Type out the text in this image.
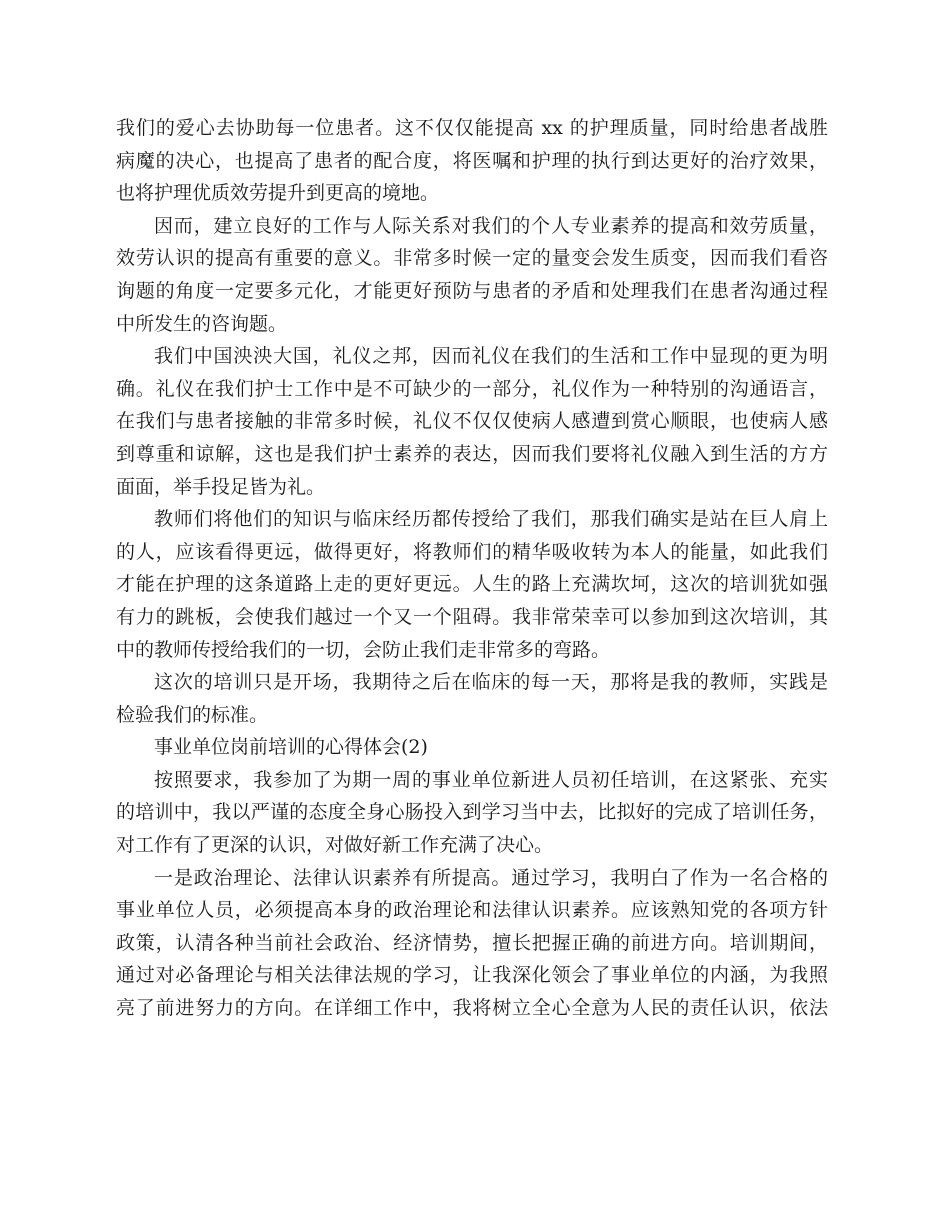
我们的爱心去协助每一位患者。这不仅仅能提高 xx 的护理质量，同时给患者战胜
病魔的决心，也提高了患者的配合度，将医嘱和护理的执行到达更好的治疗效果，
也将护理优质效劳提升到更高的境地。
因而，建立良好的工作与人际关系对我们的个人专业素养的提高和效劳质量，
效劳认识的提高有重要的意义。非常多时候一定的量变会发生质变，因而我们看咨
询题的角度一定要多元化，才能更好预防与患者的矛盾和处理我们在患者沟通过程
中所发生的咨询题。
我们中国泱泱大国，礼仪之邦，因而礼仪在我们的生活和工作中显现的更为明
确。礼仪在我们护士工作中是不可缺少的一部分，礼仪作为一种特别的沟通语言，
在我们与患者接触的非常多时候，礼仪不仅仅使病人感遭到赏心顺眼，也使病人感
到尊重和谅解，这也是我们护士素养的表达，因而我们要将礼仪融入到生活的方方
面面，举手投足皆为礼。
教师们将他们的知识与临床经历都传授给了我们，那我们确实是站在巨人肩上
的人，应该看得更远，做得更好，将教师们的精华吸收转为本人的能量，如此我们
才能在护理的这条道路上走的更好更远。人生的路上充满坎坷，这次的培训犹如强
有力的跳板，会使我们越过一个又一个阻碍。我非常荣幸可以参加到这次培训，其
中的教师传授给我们的一切，会防止我们走非常多的弯路。
这次的培训只是开场，我期待之后在临床的每一天，那将是我的教师，实践是
检验我们的标准。
事业单位岗前培训的心得体会(2)
按照要求，我参加了为期一周的事业单位新进人员初任培训，在这紧张、充实
的培训中，我以严谨的态度全身心肠投入到学习当中去，比拟好的完成了培训任务，
对工作有了更深的认识，对做好新工作充满了决心。
一是政治理论、法律认识素养有所提高。通过学习，我明白了作为一名合格的
事业单位人员，必须提高本身的政治理论和法律认识素养。应该熟知党的各项方针
政策，认清各种当前社会政治、经济情势，擅长把握正确的前进方向。培训期间，
通过对必备理论与相关法律法规的学习，让我深化领会了事业单位的内涵，为我照
亮了前进努力的方向。在详细工作中，我将树立全心全意为人民的责任认识，依法
